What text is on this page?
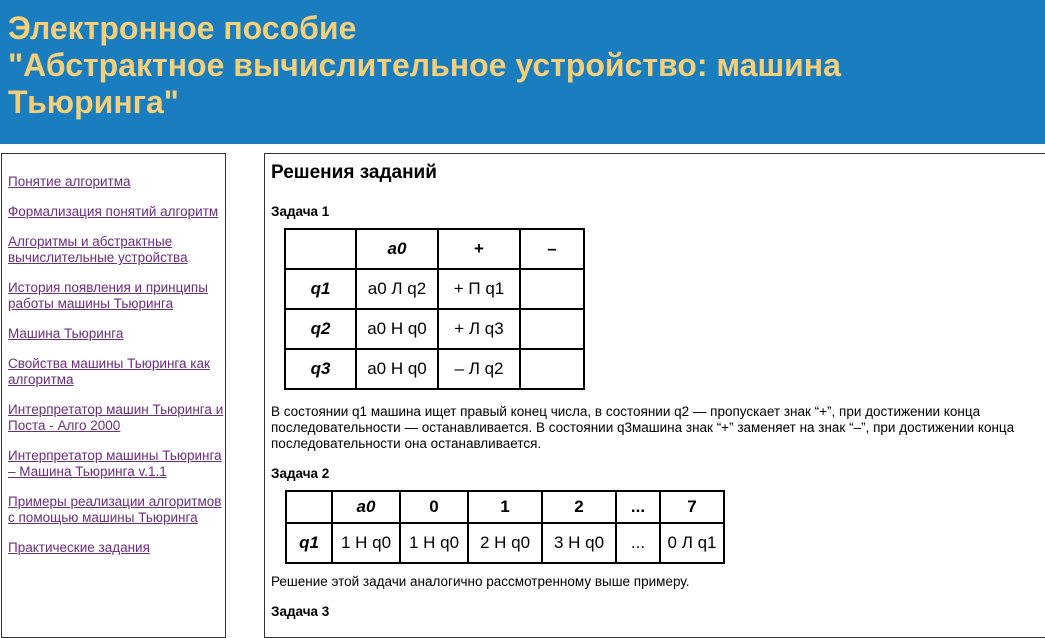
Электронное пособие
"Абстрактное вычислительное устройство: машина
Тьюринга"
Понятие алгоритма
Формализация понятий алгоритм
Алгоритмы и абстрактные вычислительные устройства
История появления и принципы работы машины Тьюринга
Машина Тьюринга
Свойства машины Тьюринга как алгоритма
Интерпретатор машин Тьюринга и Поста - Алго 2000
Интерпретатор машины Тьюринга – Машина Тьюринга v.1.1
Примеры реализации алгоритмов с помощью машины Тьюринга
Практические задания
Решения заданий
Задача 1
	a0	+	–
q1	a0 Л q2	+ П q1	
q2	a0 Н q0	+ Л q3	
q3	a0 Н q0	– Л q2	

В состоянии q1 машина ищет правый конец числа, в состоянии q2 — пропускает знак “+”, при достижении конца последовательности — останавливается. В состоянии q3машина знак “+” заменяет на знак “–”, при достижении конца последовательности она останавливается.

Задача 2
	a0	0	1	2	...	7
q1	1 Н q0	1 Н q0	2 Н q0	3 Н q0	...	0 Л q1

Решение этой задачи аналогично рассмотренному выше примеру.

Задача 3
